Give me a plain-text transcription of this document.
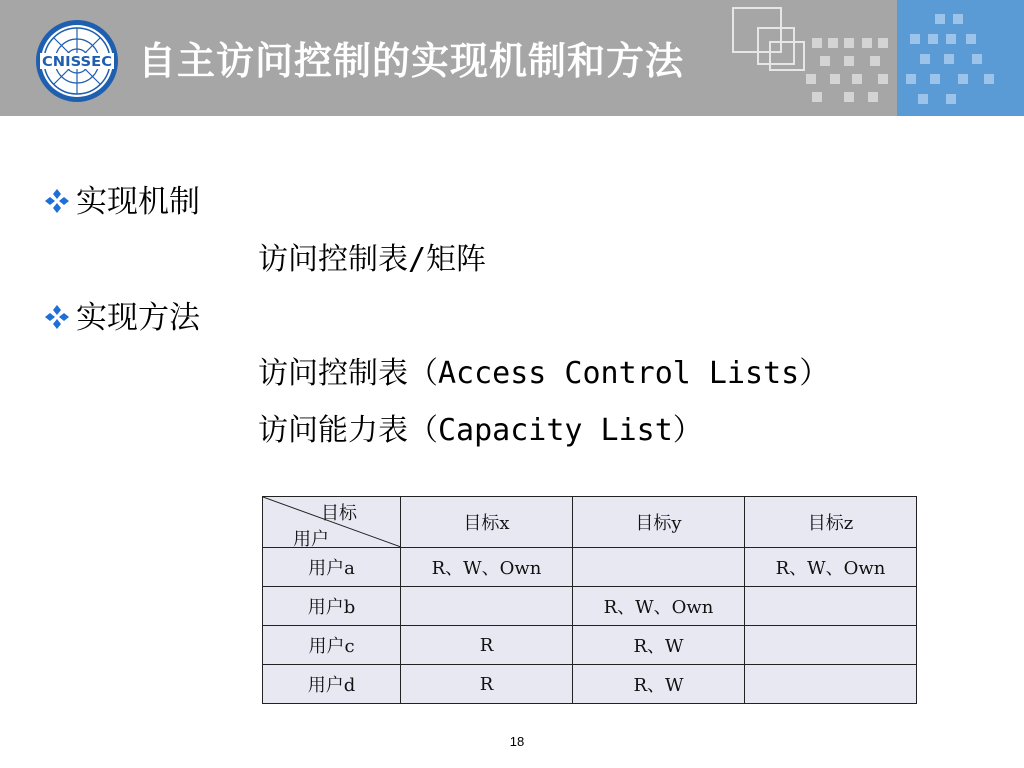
CNISSEC 自主访问控制的实现机制和方法
实现机制
访问控制表/矩阵
实现方法
访问控制表（Access Control Lists）
访问能力表（Capacity List）
目标
用户	目标x	目标y	目标z
用户a	R、W、Own		R、W、Own
用户b		R、W、Own	
用户c	R	R、W	
用户d	R	R、W	
18
